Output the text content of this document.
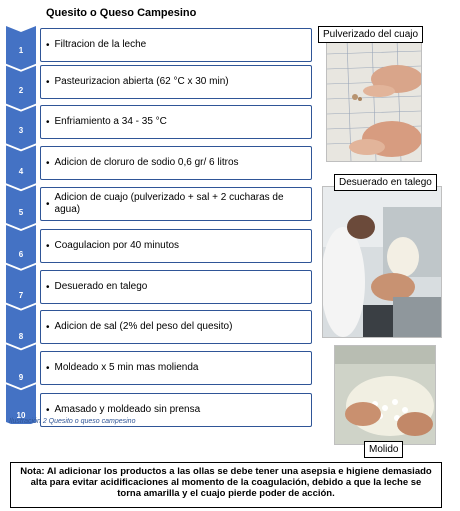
Quesito o Queso Campesino
• Filtracion de la leche
• Pasteurizacion abierta (62 °C x 30 min)
• Enfriamiento a 34 - 35 °C
• Adicion de cloruro de sodio 0,6 gr/ 6 litros
•
Adicion de cuajo (pulverizado + sal + 2 cucharas de agua)
• Coagulacion por 40 minutos
• Desuerado en talego
• Adicion de sal (2% del peso del quesito)
• Moldeado x 5 min mas molienda
• Amasado y moldeado sin prensa
1
2
3
4
5
6
7
8
9
10
Ilustración 2 Quesito o queso campesino
Pulverizado del cuajo
Desuerado en talego
Molido
Nota: Al adicionar los productos a las ollas se debe tener una asepsia e higiene demasiado alta para evitar acidificaciones al momento de la coagulación, debido a que la leche se torna amarilla y el cuajo pierde poder de acción.
